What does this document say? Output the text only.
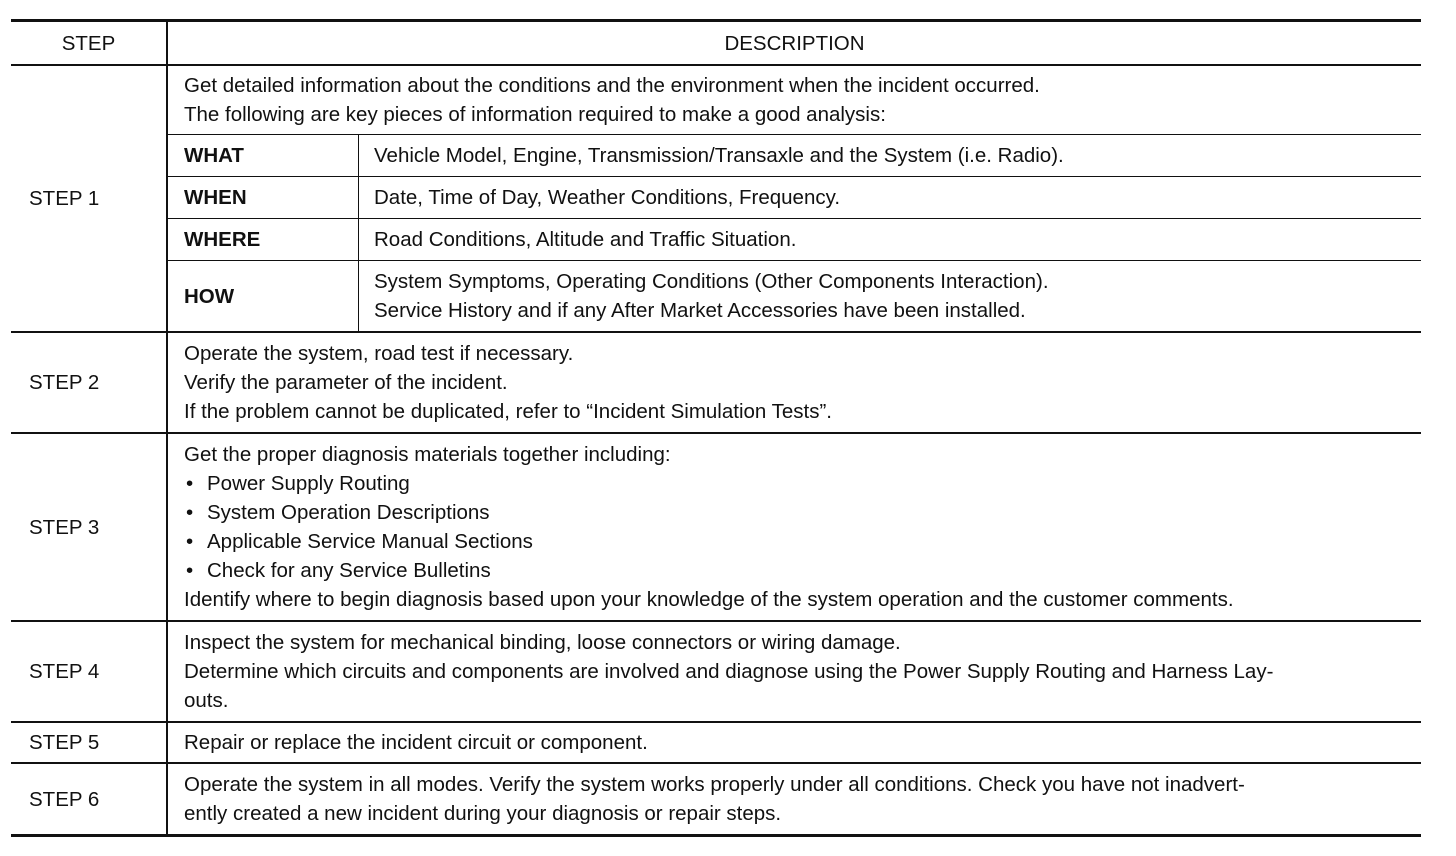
STEP	DESCRIPTION
STEP 1	
Get detailed information about the conditions and the environment when the incident occurred.
The following are key pieces of information required to make a good analysis:
WHAT	Vehicle Model, Engine, Transmission/Transaxle and the System (i.e. Radio).

WHEN	Date, Time of Day, Weather Conditions, Frequency.

WHERE	Road Conditions, Altitude and Traffic Situation.

HOW	
System Symptoms, Operating Conditions (Other Components Interaction).
Service History and if any After Market Accessories have been installed.

STEP 2	
Operate the system, road test if necessary.
Verify the parameter of the incident.
If the problem cannot be duplicated, refer to “Incident Simulation Tests”.

STEP 3	
Get the proper diagnosis materials together including:
• Power Supply Routing
• System Operation Descriptions
• Applicable Service Manual Sections
• Check for any Service Bulletins
Identify where to begin diagnosis based upon your knowledge of the system operation and the customer comments.

STEP 4	
Inspect the system for mechanical binding, loose connectors or wiring damage.
Determine which circuits and components are involved and diagnose using the Power Supply Routing and Harness Lay-
outs.

STEP 5	Repair or replace the incident circuit or component.

STEP 6	
Operate the system in all modes. Verify the system works properly under all conditions. Check you have not inadvert-
ently created a new incident during your diagnosis or repair steps.
